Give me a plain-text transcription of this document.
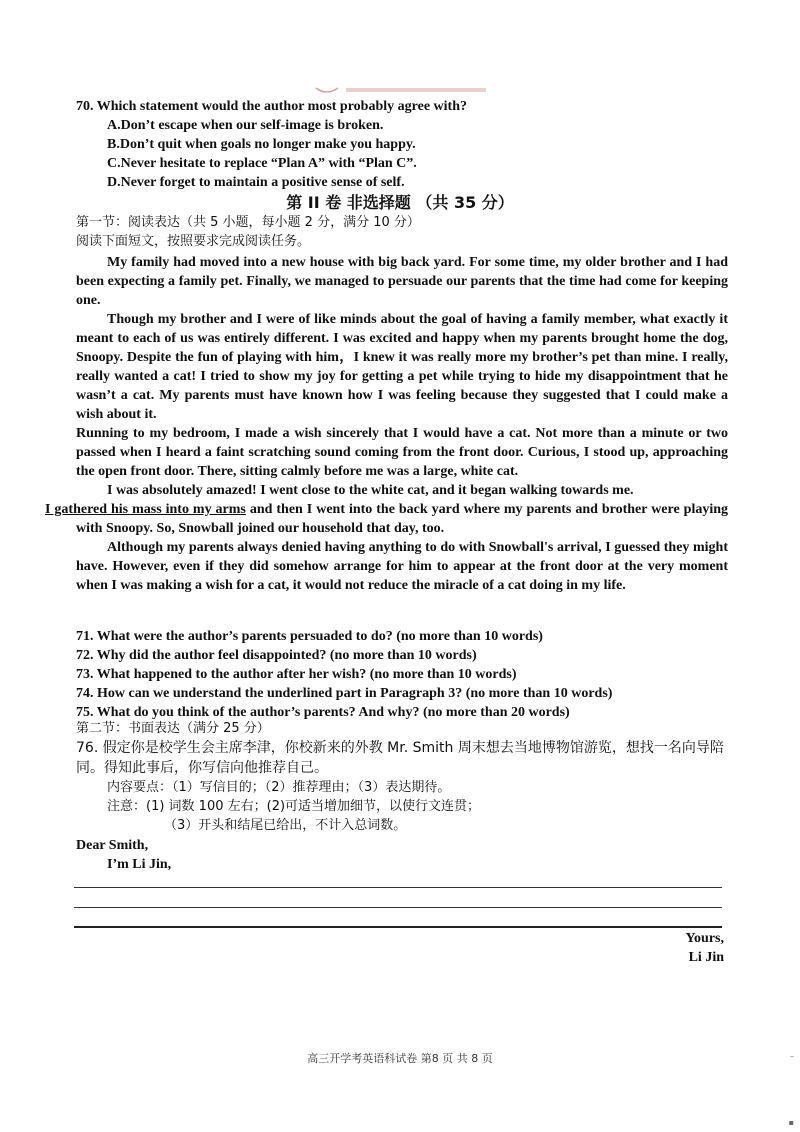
70. Which statement would the author most probably agree with?
A.Don’t escape when our self-image is broken.
B.Don’t quit when goals no longer make you happy.
C.Never hesitate to replace “Plan A” with “Plan C”.
D.Never forget to maintain a positive sense of self.
第 II 卷 非选择题 （共 35 分）
第一节：阅读表达（共 5 小题，每小题 2 分，满分 10 分）
阅读下面短文，按照要求完成阅读任务。

My family had moved into a new house with big back yard. For some time, my older brother and I had been expecting a family pet. Finally, we managed to persuade our parents that the time had come for keeping one.

Though my brother and I were of like minds about the goal of having a family member, what exactly it meant to each of us was entirely different. I was excited and happy when my parents brought home the dog, Snoopy. Despite the fun of playing with him，I knew it was really more my brother’s pet than mine. I really, really wanted a cat! I tried to show my joy for getting a pet while trying to hide my disappointment that he wasn’t a cat. My parents must have known how I was feeling because they suggested that I could make a wish about it.

Running to my bedroom, I made a wish sincerely that I would have a cat. Not more than a minute or two passed when I heard a faint scratching sound coming from the front door. Curious, I stood up, approaching the open front door. There, sitting calmly before me was a large, white cat.

I was absolutely amazed! I went close to the white cat, and it began walking towards me.
I gathered his mass into my arms and then I went into the back yard where my parents and brother were playing with Snoopy. So, Snowball joined our household that day, too.

Although my parents always denied having anything to do with Snowball's arrival, I guessed they might have. However, even if they did somehow arrange for him to appear at the front door at the very moment when I was making a wish for a cat, it would not reduce the miracle of a cat doing in my life.

71. What were the author’s parents persuaded to do? (no more than 10 words)
72. Why did the author feel disappointed? (no more than 10 words)
73. What happened to the author after her wish? (no more than 10 words)
74. How can we understand the underlined part in Paragraph 3? (no more than 10 words)
75. What do you think of the author’s parents? And why? (no more than 20 words)
第二节：书面表达（满分 25 分）
76. 假定你是校学生会主席李津，你校新来的外教 Mr. Smith 周末想去当地博物馆游览，想找一名向导陪同。得知此事后，你写信向他推荐自己。
内容要点：（1）写信目的；（2）推荐理由；（3）表达期待。
注意：(1) 词数 100 左右；(2)可适当增加细节，以使行文连贯；
（3）开头和结尾已给出，不计入总词数。
Dear Smith,
I’m Li Jin,
Yours,
Li Jin
高三开学考英语科试卷 第8 页 共 8 页	–
▪
